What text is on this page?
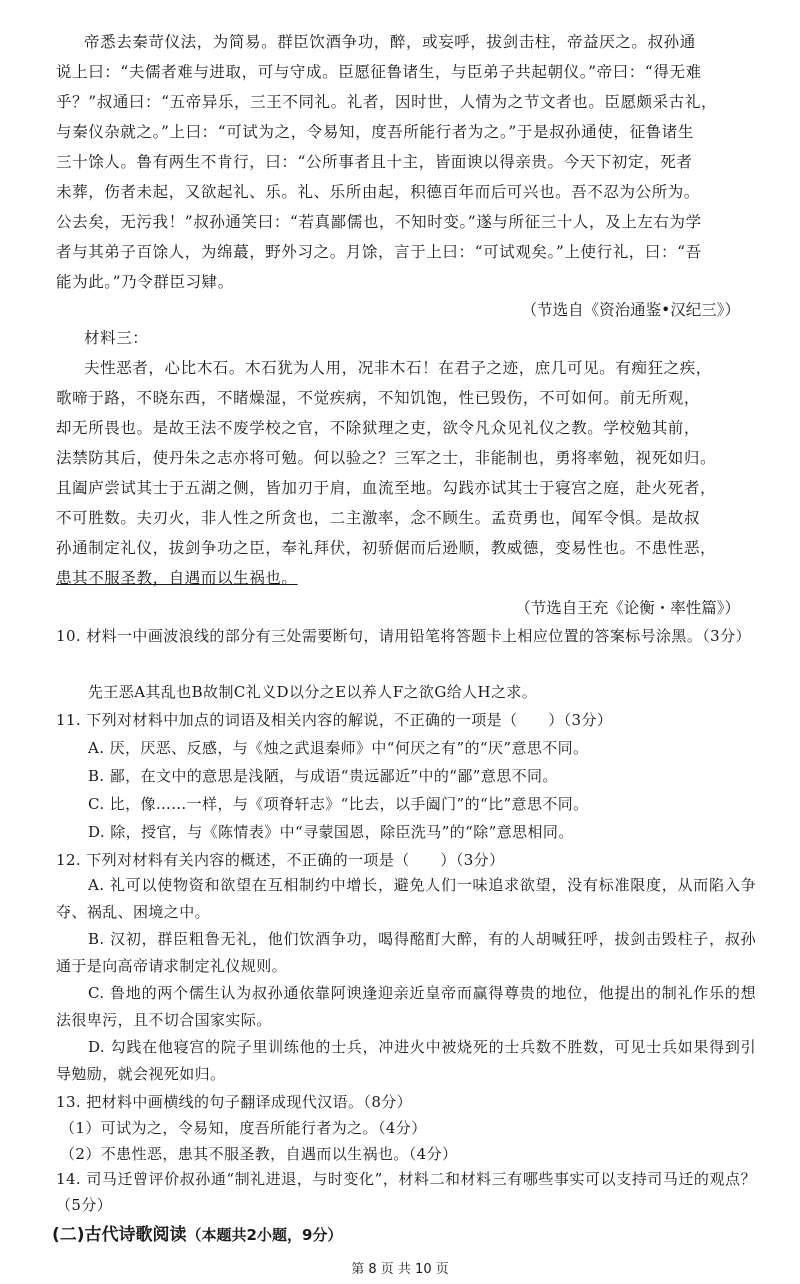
帝悉去秦苛仪法，为简易。群臣饮酒争功，醉，或妄呼，拔剑击柱，帝益厌之。叔孙通

说上曰：“夫儒者难与进取，可与守成。臣愿征鲁诸生，与臣弟子共起朝仪。”帝曰：“得无难

乎？”叔通曰：“五帝异乐，三王不同礼。礼者，因时世，人情为之节文者也。臣愿颇采古礼，

与秦仪杂就之。”上曰：“可试为之，令易知，度吾所能行者为之。”于是叔孙通使，征鲁诸生

三十馀人。鲁有两生不肯行，曰：“公所事者且十主，皆面谀以得亲贵。今天下初定，死者

未葬，伤者未起，又欲起礼、乐。礼、乐所由起，积德百年而后可兴也。吾不忍为公所为。

公去矣，无污我！”叔孙通笑曰：“若真鄙儒也，不知时变。”遂与所征三十人，及上左右为学

者与其弟子百馀人，为绵蕞，野外习之。月馀，言于上曰：“可试观矣。”上使行礼，曰：“吾

能为此。”乃令群臣习肄。

（节选自《资治通鉴•汉纪三》）

材料三：

夫性恶者，心比木石。木石犹为人用，况非木石！在君子之迹，庶几可见。有痴狂之疾，

歌啼于路，不晓东西，不睹燥湿，不觉疾病，不知饥饱，性已毁伤，不可如何。前无所观，

却无所畏也。是故王法不废学校之官，不除狱理之吏，欲令凡众见礼仪之教。学校勉其前，

法禁防其后，使丹朱之志亦将可勉。何以验之？三军之士，非能制也，勇将率勉，视死如归。

且阖庐尝试其士于五湖之侧，皆加刃于肩，血流至地。勾践亦试其士于寝宫之庭，赴火死者，

不可胜数。夫刃火，非人性之所贪也，二主激率，念不顾生。孟贲勇也，闻军令惧。是故叔

孙通制定礼仪，拔剑争功之臣，奉礼拜伏，初骄倨而后逊顺，教威德，变易性也。不患性恶，

患其不服圣教，自遇而以生祸也。

（节选自王充《论衡・率性篇》）

10. 材料一中画波浪线的部分有三处需要断句，请用铅笔将答题卡上相应位置的答案标号涂黑。（3分）

先王恶A其乱也B故制C礼义D以分之E以养人F之欲G给人H之求。

11. 下列对材料中加点的词语及相关内容的解说，不正确的一项是（　　）（3分）

A. 厌，厌恶、反感，与《烛之武退秦师》中“何厌之有”的“厌”意思不同。

B. 鄙，在文中的意思是浅陋，与成语“贵远鄙近”中的“鄙”意思不同。

C. 比，像……一样，与《项脊轩志》“比去，以手阖门”的“比”意思不同。

D. 除，授官，与《陈情表》中“寻蒙国恩，除臣洗马”的“除”意思相同。

12. 下列对材料有关内容的概述，不正确的一项是（　　）（3分）

A. 礼可以使物资和欲望在互相制约中增长，避免人们一味追求欲望，没有标准限度，从而陷入争夺、祸乱、困境之中。

B. 汉初，群臣粗鲁无礼，他们饮酒争功，喝得酩酊大醉，有的人胡喊狂呼，拔剑击毁柱子，叔孙通于是向高帝请求制定礼仪规则。

C. 鲁地的两个儒生认为叔孙通依靠阿谀逢迎亲近皇帝而赢得尊贵的地位，他提出的制礼作乐的想法很卑污，且不切合国家实际。

D. 勾践在他寝宫的院子里训练他的士兵，冲进火中被烧死的士兵数不胜数，可见士兵如果得到引导勉励，就会视死如归。

13. 把材料中画横线的句子翻译成现代汉语。（8分）

（1）可试为之，令易知，度吾所能行者为之。（4分）

(二)古代诗歌阅读（本题共2小题，9分）

第 8 页 共 10 页

（2）不患性恶，患其不服圣教，自遇而以生祸也。（4分）

14. 司马迁曾评价叔孙通“制礼进退，与时变化”，材料二和材料三有哪些事实可以支持司马迁的观点？（5分）
